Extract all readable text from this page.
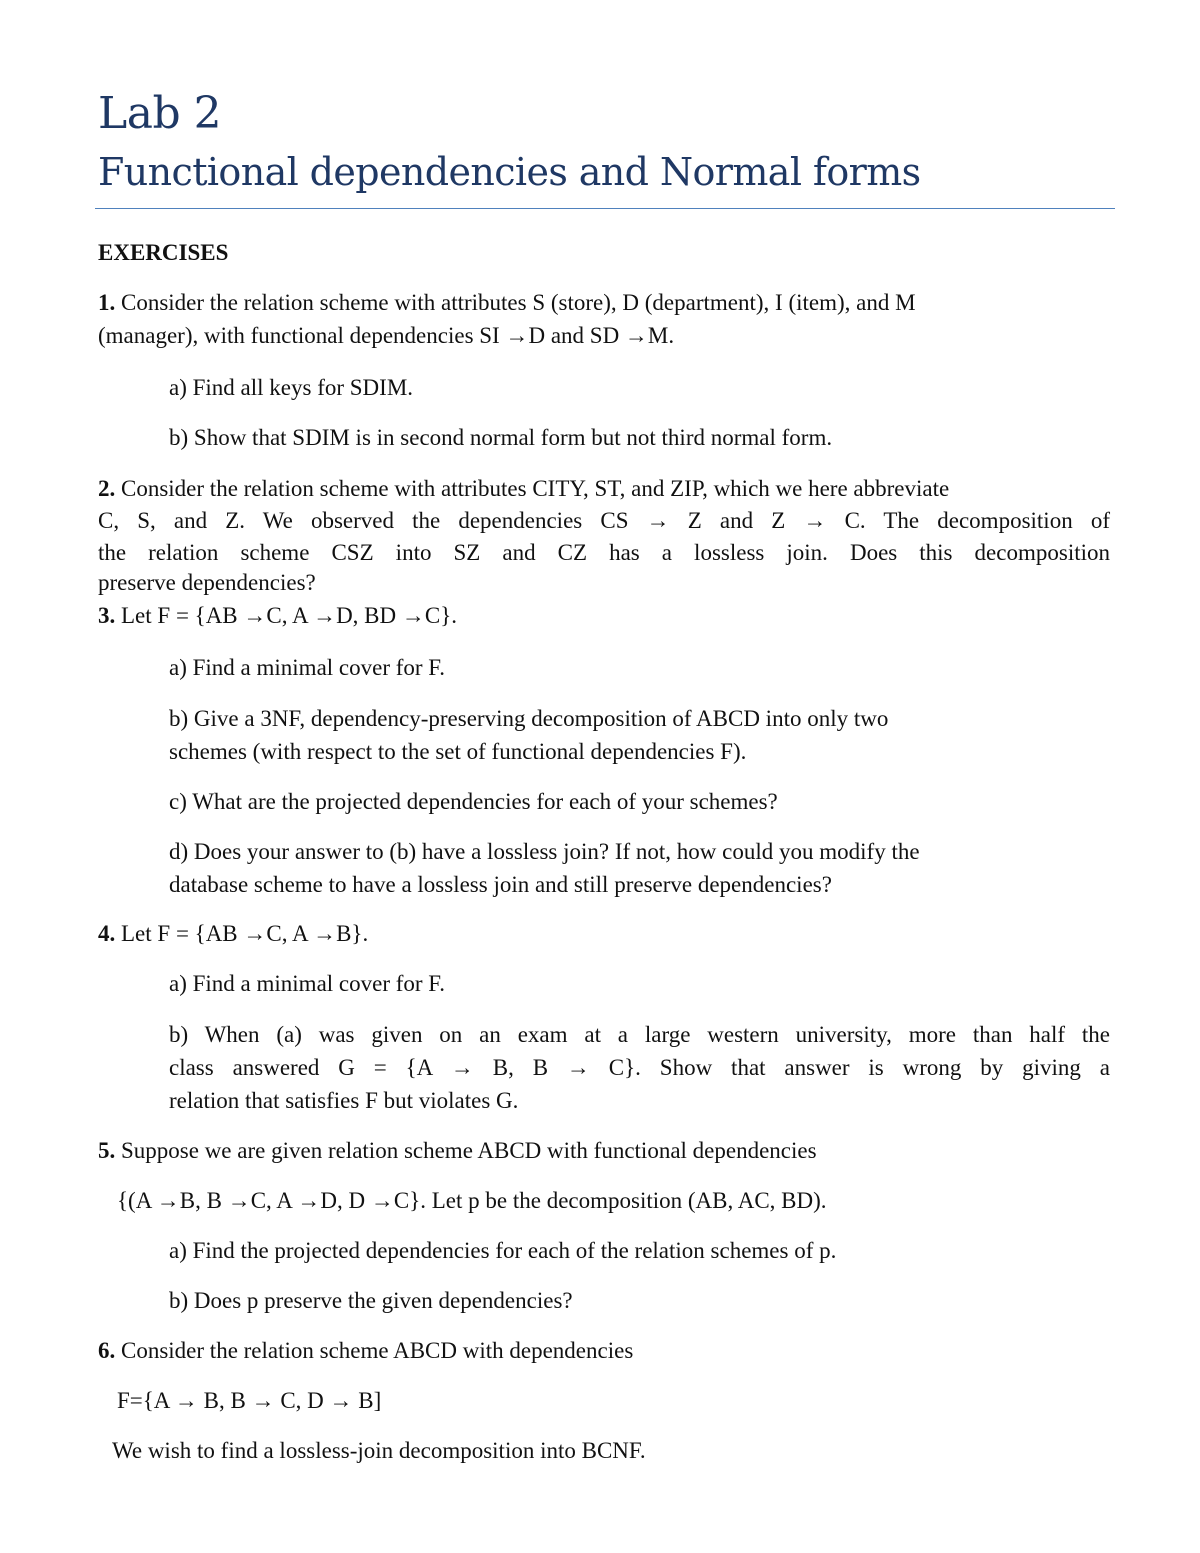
Lab 2
Functional dependencies and Normal forms
EXERCISES
1. Consider the relation scheme with attributes S (store), D (department), I (item), and M
(manager), with functional dependencies SI →D and SD →M.
a) Find all keys for SDIM.
b) Show that SDIM is in second normal form but not third normal form.
2. Consider the relation scheme with attributes CITY, ST, and ZIP, which we here abbreviate
C, S, and Z. We observed the dependencies CS → Z and Z → C. The decomposition of
the relation scheme CSZ into SZ and CZ has a lossless join. Does this decomposition
preserve dependencies?
3. Let F = {AB →C, A →D, BD →C}.
a) Find a minimal cover for F.
b) Give a 3NF, dependency-preserving decomposition of ABCD into only two
schemes (with respect to the set of functional dependencies F).
c) What are the projected dependencies for each of your schemes?
d) Does your answer to (b) have a lossless join? If not, how could you modify the
database scheme to have a lossless join and still preserve dependencies?
4. Let F = {AB →C, A →B}.
a) Find a minimal cover for F.
b) When (a) was given on an exam at a large western university, more than half the
class answered G = {A → B, B → C}. Show that answer is wrong by giving a
relation that satisfies F but violates G.
5. Suppose we are given relation scheme ABCD with functional dependencies
{(A →B, B →C, A →D, D →C}. Let p be the decomposition (AB, AC, BD).
a) Find the projected dependencies for each of the relation schemes of p.
b) Does p preserve the given dependencies?
6. Consider the relation scheme ABCD with dependencies
F={A → B, B → C, D → B]
We wish to find a lossless-join decomposition into BCNF.
